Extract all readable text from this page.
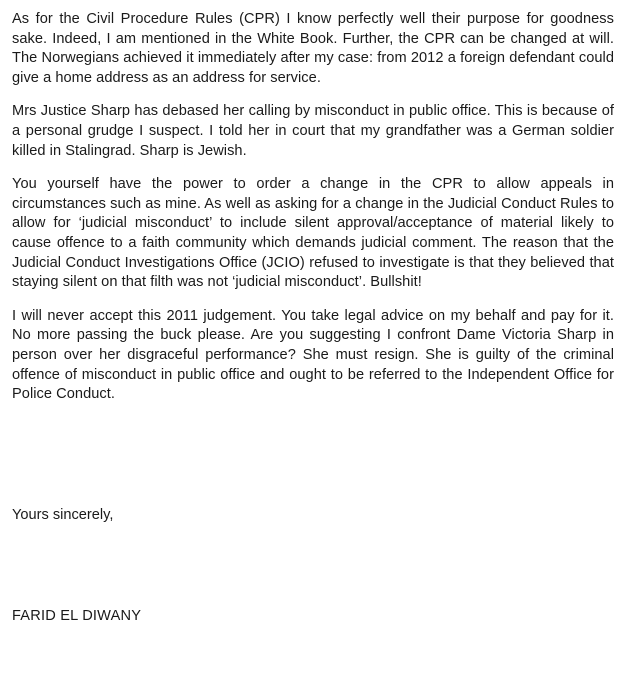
As for the Civil Procedure Rules (CPR) I know perfectly well their purpose for goodness sake. Indeed, I am mentioned in the White Book. Further, the CPR can be changed at will. The Norwegians achieved it immediately after my case: from 2012 a foreign defendant could give a home address as an address for service.

Mrs Justice Sharp has debased her calling by misconduct in public office. This is because of a personal grudge I suspect. I told her in court that my grandfather was a German soldier killed in Stalingrad. Sharp is Jewish.

You yourself have the power to order a change in the CPR to allow appeals in circumstances such as mine. As well as asking for a change in the Judicial Conduct Rules to allow for ‘judicial misconduct’ to include silent approval/acceptance of material likely to cause offence to a faith community which demands judicial comment. The reason that the Judicial Conduct Investigations Office (JCIO) refused to investigate is that they believed that staying silent on that filth was not ‘judicial misconduct’. Bullshit!

I will never accept this 2011 judgement. You take legal advice on my behalf and pay for it. No more passing the buck please. Are you suggesting I confront Dame Victoria Sharp in person over her disgraceful performance? She must resign. She is guilty of the criminal offence of misconduct in public office and ought to be referred to the Independent Office for Police Conduct.

Yours sincerely,

FARID EL DIWANY
